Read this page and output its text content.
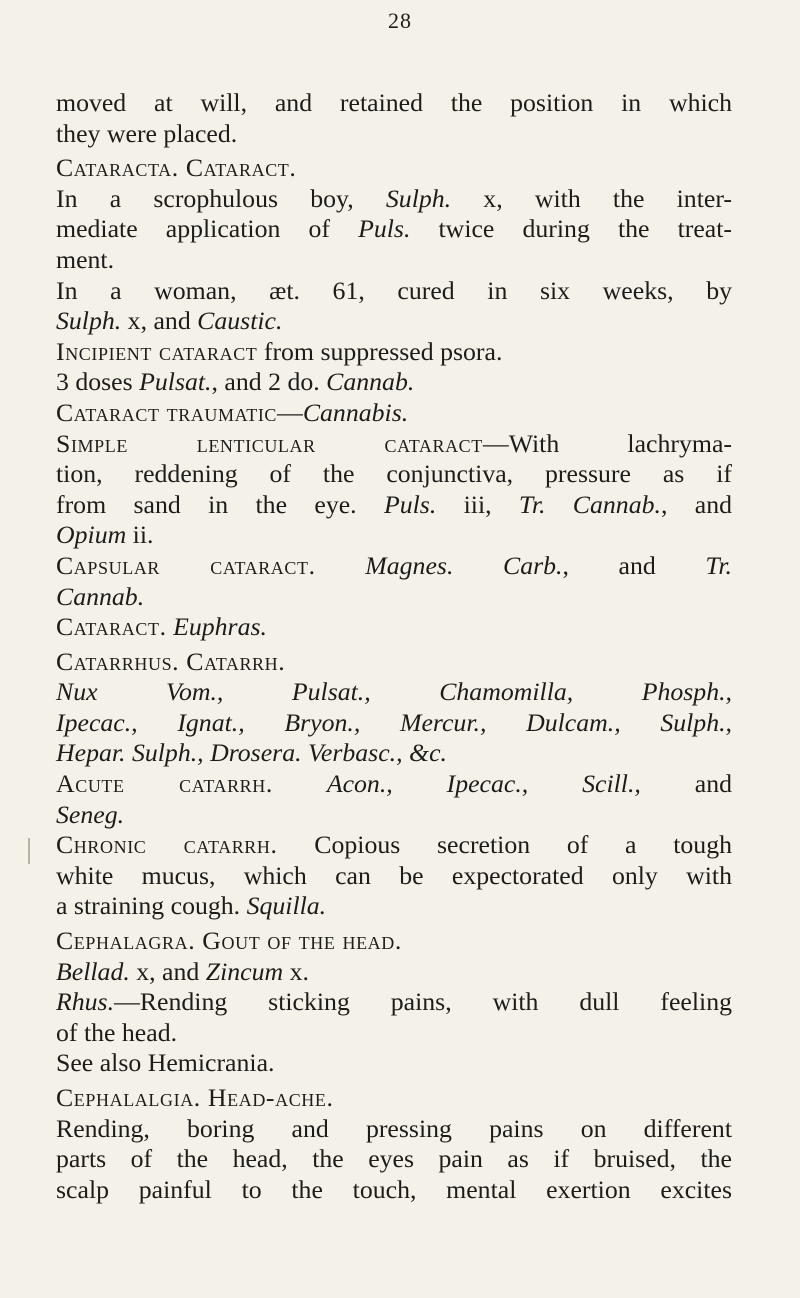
28
moved at will, and retained the position in which
they were placed.
Cataracta. Cataract.
In a scrophulous boy, Sulph. x, with the inter-
mediate application of Puls. twice during the treat-
ment.
In a woman, æt. 61, cured in six weeks, by
Sulph. x, and Caustic.
Incipient cataract from suppressed psora.
3 doses Pulsat., and 2 do. Cannab.
Cataract traumatic—Cannabis.
Simple lenticular cataract—With lachryma-
tion, reddening of the conjunctiva, pressure as if
from sand in the eye. Puls. iii, Tr. Cannab., and
Opium ii.
Capsular cataract. Magnes. Carb., and Tr.
Cannab.
Cataract. Euphras.
Catarrhus. Catarrh.
Nux Vom., Pulsat., Chamomilla, Phosph.,
Ipecac., Ignat., Bryon., Mercur., Dulcam., Sulph.,
Hepar. Sulph., Drosera. Verbasc., &c.
Acute catarrh. Acon., Ipecac., Scill., and
Seneg.
Chronic catarrh. Copious secretion of a tough
white mucus, which can be expectorated only with
a straining cough. Squilla.
Cephalagra. Gout of the head.
Bellad. x, and Zincum x.
Rhus.—Rending sticking pains, with dull feeling
of the head.
See also Hemicrania.
Cephalalgia. Head-ache.
Rending, boring and pressing pains on different
parts of the head, the eyes pain as if bruised, the
scalp painful to the touch, mental exertion excites
